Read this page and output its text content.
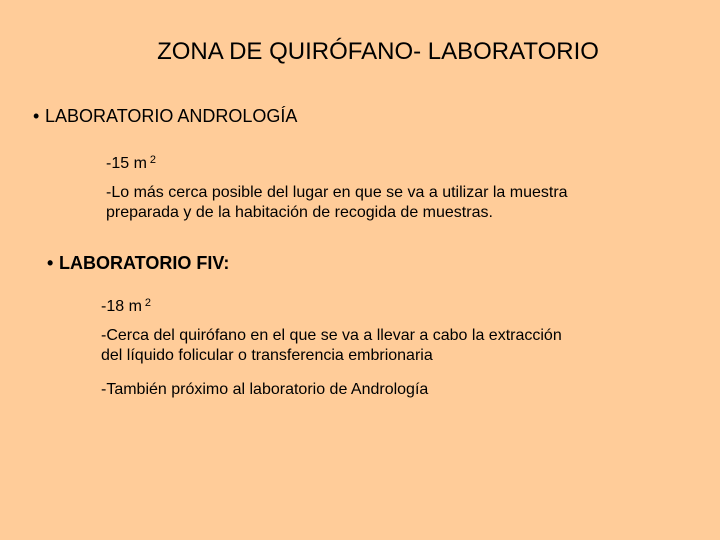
ZONA DE QUIRÓFANO- LABORATORIO
• LABORATORIO ANDROLOGÍA
-15 m $^2$
-Lo más cerca posible del lugar en que se va a utilizar la muestra
preparada y de la habitación de recogida de muestras.
• LABORATORIO FIV:
-18 m $^2$
-Cerca del quirófano en el que se va a llevar a cabo la extracción
del líquido folicular o transferencia embrionaria
-También próximo al laboratorio de Andrología
